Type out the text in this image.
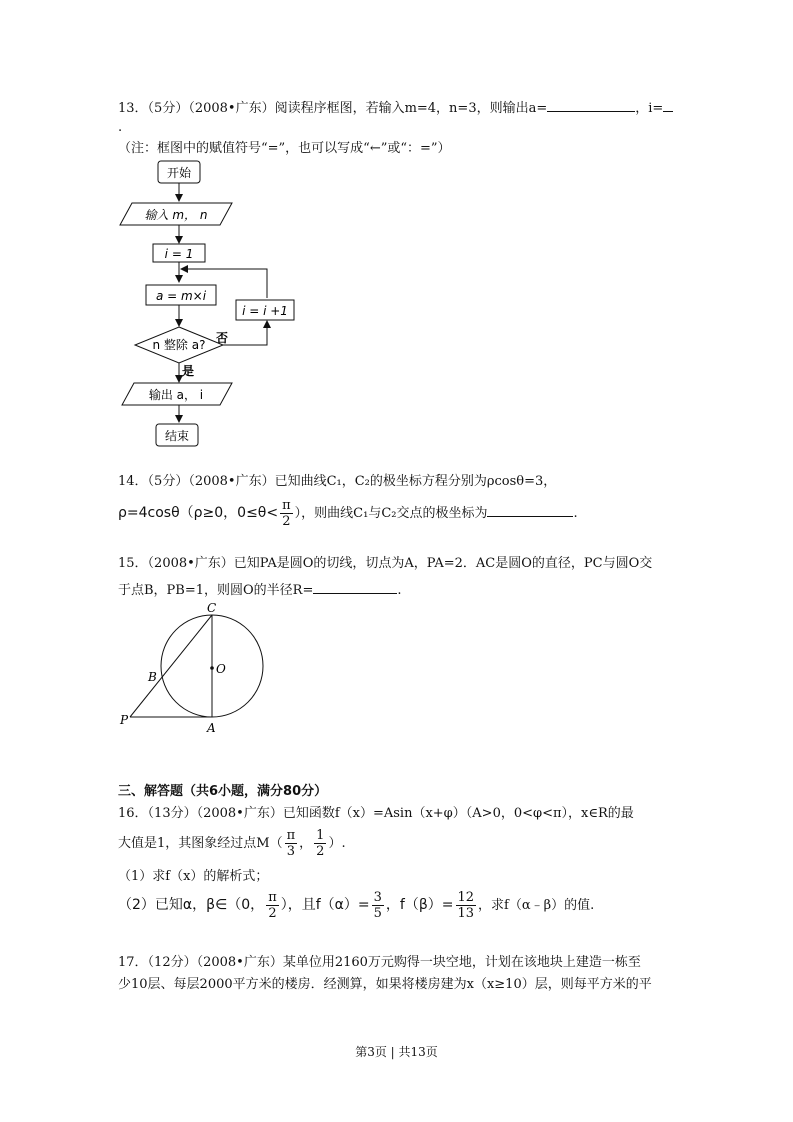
13．（5分）（2008•广东）阅读程序框图，若输入m=4，n=3，则输出a=	，i=
.
（注：框图中的赋值符号“=”，也可以写成“←”或“：=”）
开始
输入 m， n
i = 1
a = m×i
i = i +1
n 整除 a? 否
是
输出 a， i
结束
14．（5分）（2008•广东）已知曲线C₁，C₂的极坐标方程分别为ρcosθ=3，
ρ=4cosθ（ρ≥0，$0\le\theta< \frac{\pi}{2}$ ），则曲线C₁与C₂交点的极坐标为	.
15．（2008•广东）已知PA是圆O的切线，切点为A，PA=2．AC是圆O的直径，PC与圆O交
于点B，PB=1，则圆O的半径R=	.
C
O
B
P
A
三、解答题（共6小题，满分80分）
16．（13分）（2008•广东）已知函数f（x）=Asin（x+φ）（A>0，0<φ<π），x∈R的最
大值是1，其图象经过点$M( \frac{\pi}{3}$ ， $\frac{1}{2}$ ）.
（1）求f（x）的解析式；
（2）已知α，β∈（0， $\frac{\pi}{2}$ ），且$f(\alpha)= \frac{3}{5}$ ，$f(\beta)= \frac{12}{13}$ ，求f（α﹣β）的值.
17．（12分）（2008•广东）某单位用2160万元购得一块空地，计划在该地块上建造一栋至
少10层、每层2000平方米的楼房．经测算，如果将楼房建为x（x≥10）层，则每平方米的平
第3页 | 共13页
